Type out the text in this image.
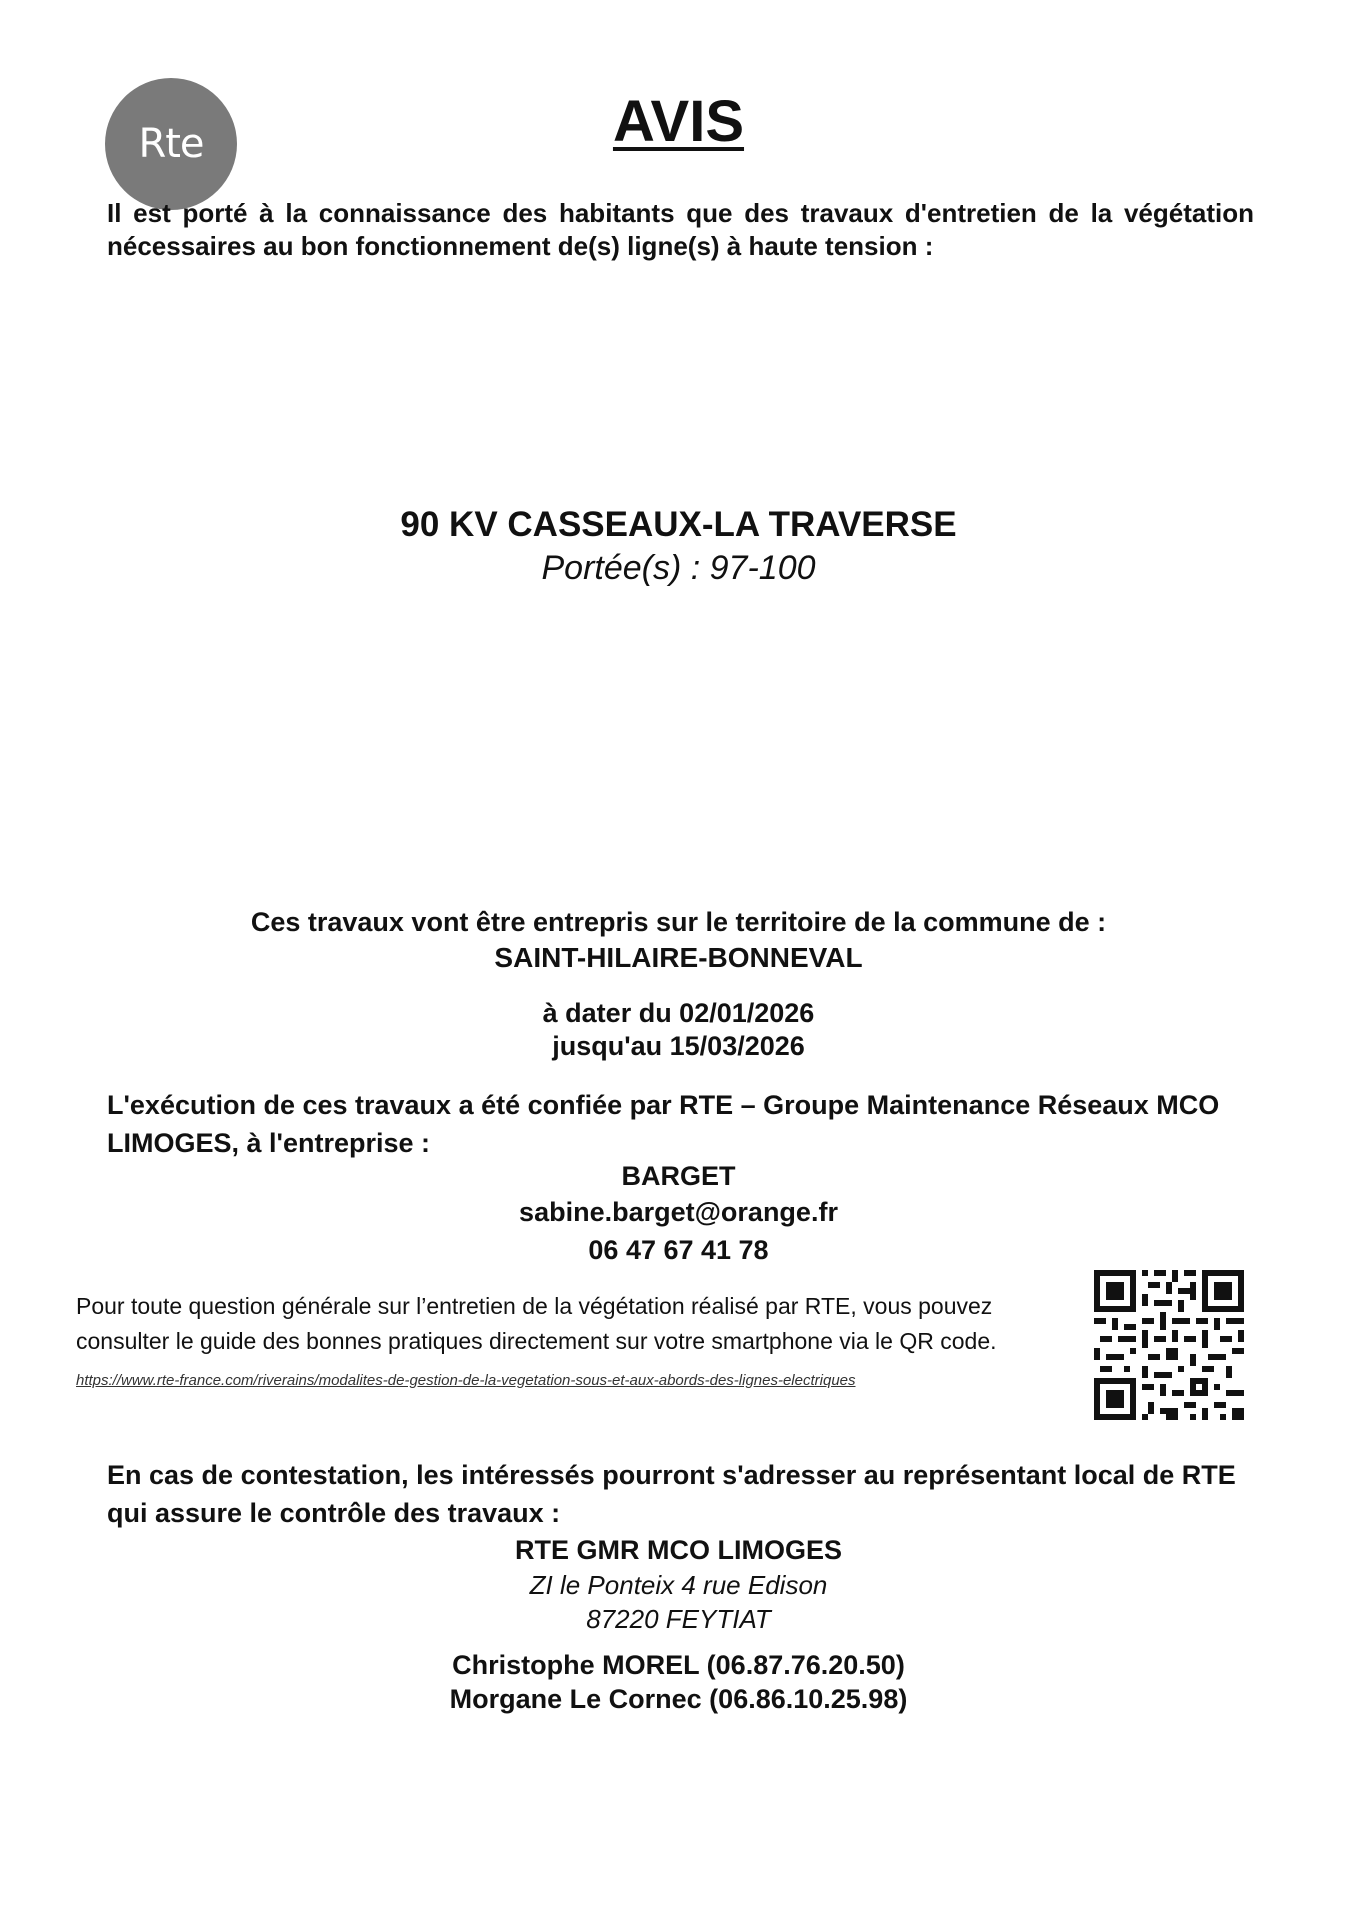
Rte	AVIS
Il est porté à la connaissance des habitants que des travaux d'entretien de la végétation nécessaires au bon fonctionnement de(s) ligne(s) à haute tension :
90 KV CASSEAUX-LA TRAVERSE
Portée(s) : 97-100
Ces travaux vont être entrepris sur le territoire de la commune de :
SAINT-HILAIRE-BONNEVAL
à dater du 02/01/2026
jusqu'au 15/03/2026
L'exécution de ces travaux a été confiée par RTE – Groupe Maintenance Réseaux MCO LIMOGES, à l'entreprise :
BARGET
sabine.barget@orange.fr
06 47 67 41 78
Pour toute question générale sur l’entretien de la végétation réalisé par RTE, vous pouvez consulter le guide des bonnes pratiques directement sur votre smartphone via le QR code.
https://www.rte-france.com/riverains/modalites-de-gestion-de-la-vegetation-sous-et-aux-abords-des-lignes-electriques
En cas de contestation, les intéressés pourront s'adresser au représentant local de RTE qui assure le contrôle des travaux :
RTE GMR MCO LIMOGES
ZI le Ponteix 4 rue Edison
87220 FEYTIAT
Christophe MOREL (06.87.76.20.50)
Morgane Le Cornec (06.86.10.25.98)
